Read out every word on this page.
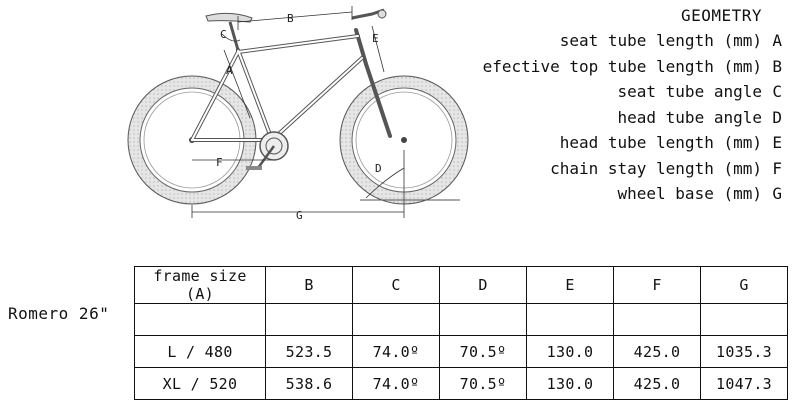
B
C
A
E
F	D
G
GEOMETRY
seat tube length (mm) A
efective top tube length (mm) B
seat tube angle C
head tube angle D
head tube length (mm) E
chain stay length (mm) F
wheel base (mm) G
Romero 26"
frame size (A)	B	C	D	E	F	G

L / 480	523.5	74.0º	70.5º	130.0	425.0	1035.3
XL / 520	538.6	74.0º	70.5º	130.0	425.0	1047.3
